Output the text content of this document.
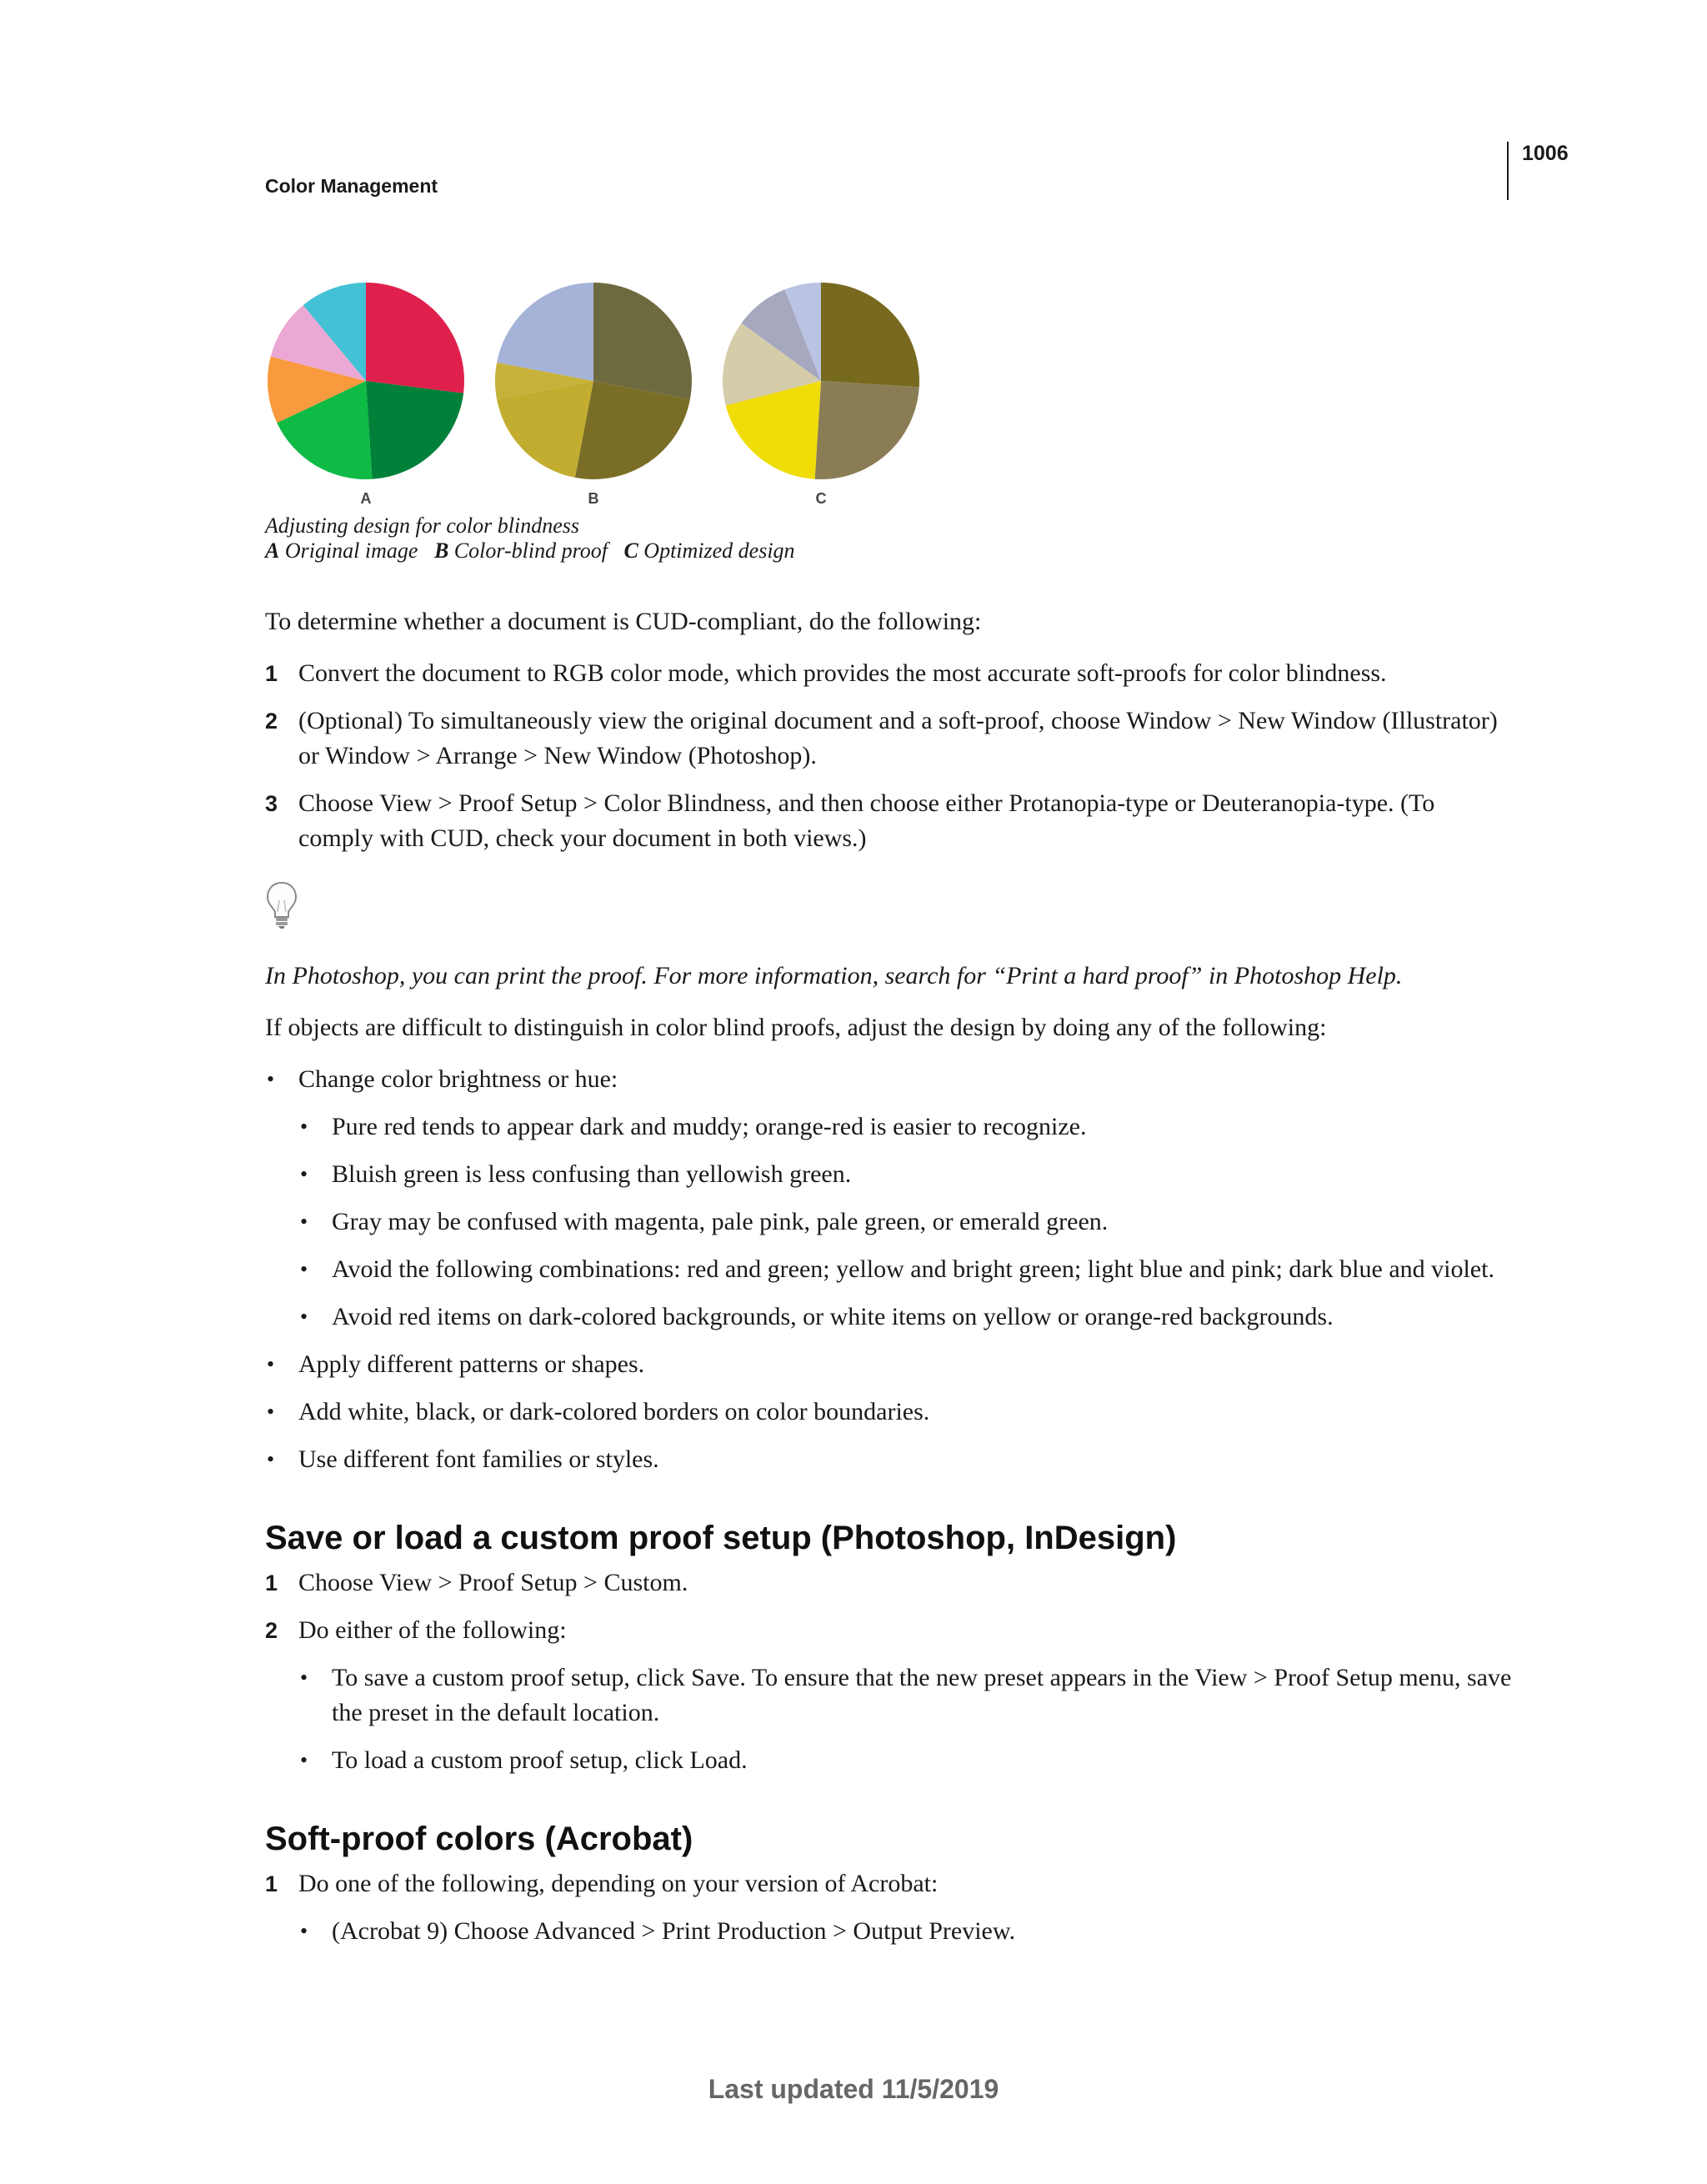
1006
Color Management
A	B	C
Adjusting design for color blindness
A Original image B Color-blind proof C Optimized design

To determine whether a document is CUD-compliant, do the following:

1 Convert the document to RGB color mode, which provides the most accurate soft-proofs for color blindness.
2 (Optional) To simultaneously view the original document and a soft-proof, choose Window > New Window (Illustrator) or Window > Arrange > New Window (Photoshop).
3 Choose View > Proof Setup > Color Blindness, and then choose either Protanopia-type or Deuteranopia-type. (To comply with CUD, check your document in both views.)

In Photoshop, you can print the proof. For more information, search for “Print a hard proof” in Photoshop Help.

If objects are difficult to distinguish in color blind proofs, adjust the design by doing any of the following:

• Change color brightness or hue:
• Pure red tends to appear dark and muddy; orange-red is easier to recognize.
• Bluish green is less confusing than yellowish green.
• Gray may be confused with magenta, pale pink, pale green, or emerald green.
• Avoid the following combinations: red and green; yellow and bright green; light blue and pink; dark blue and violet.
• Avoid red items on dark-colored backgrounds, or white items on yellow or orange-red backgrounds.
• Apply different patterns or shapes.
• Add white, black, or dark-colored borders on color boundaries.
• Use different font families or styles.
Save or load a custom proof setup (Photoshop, InDesign)
1 Choose View > Proof Setup > Custom.
2 Do either of the following:
• To save a custom proof setup, click Save. To ensure that the new preset appears in the View > Proof Setup menu, save the preset in the default location.
• To load a custom proof setup, click Load.
Soft-proof colors (Acrobat)
1 Do one of the following, depending on your version of Acrobat:
• (Acrobat 9) Choose Advanced > Print Production > Output Preview.
Last updated 11/5/2019
